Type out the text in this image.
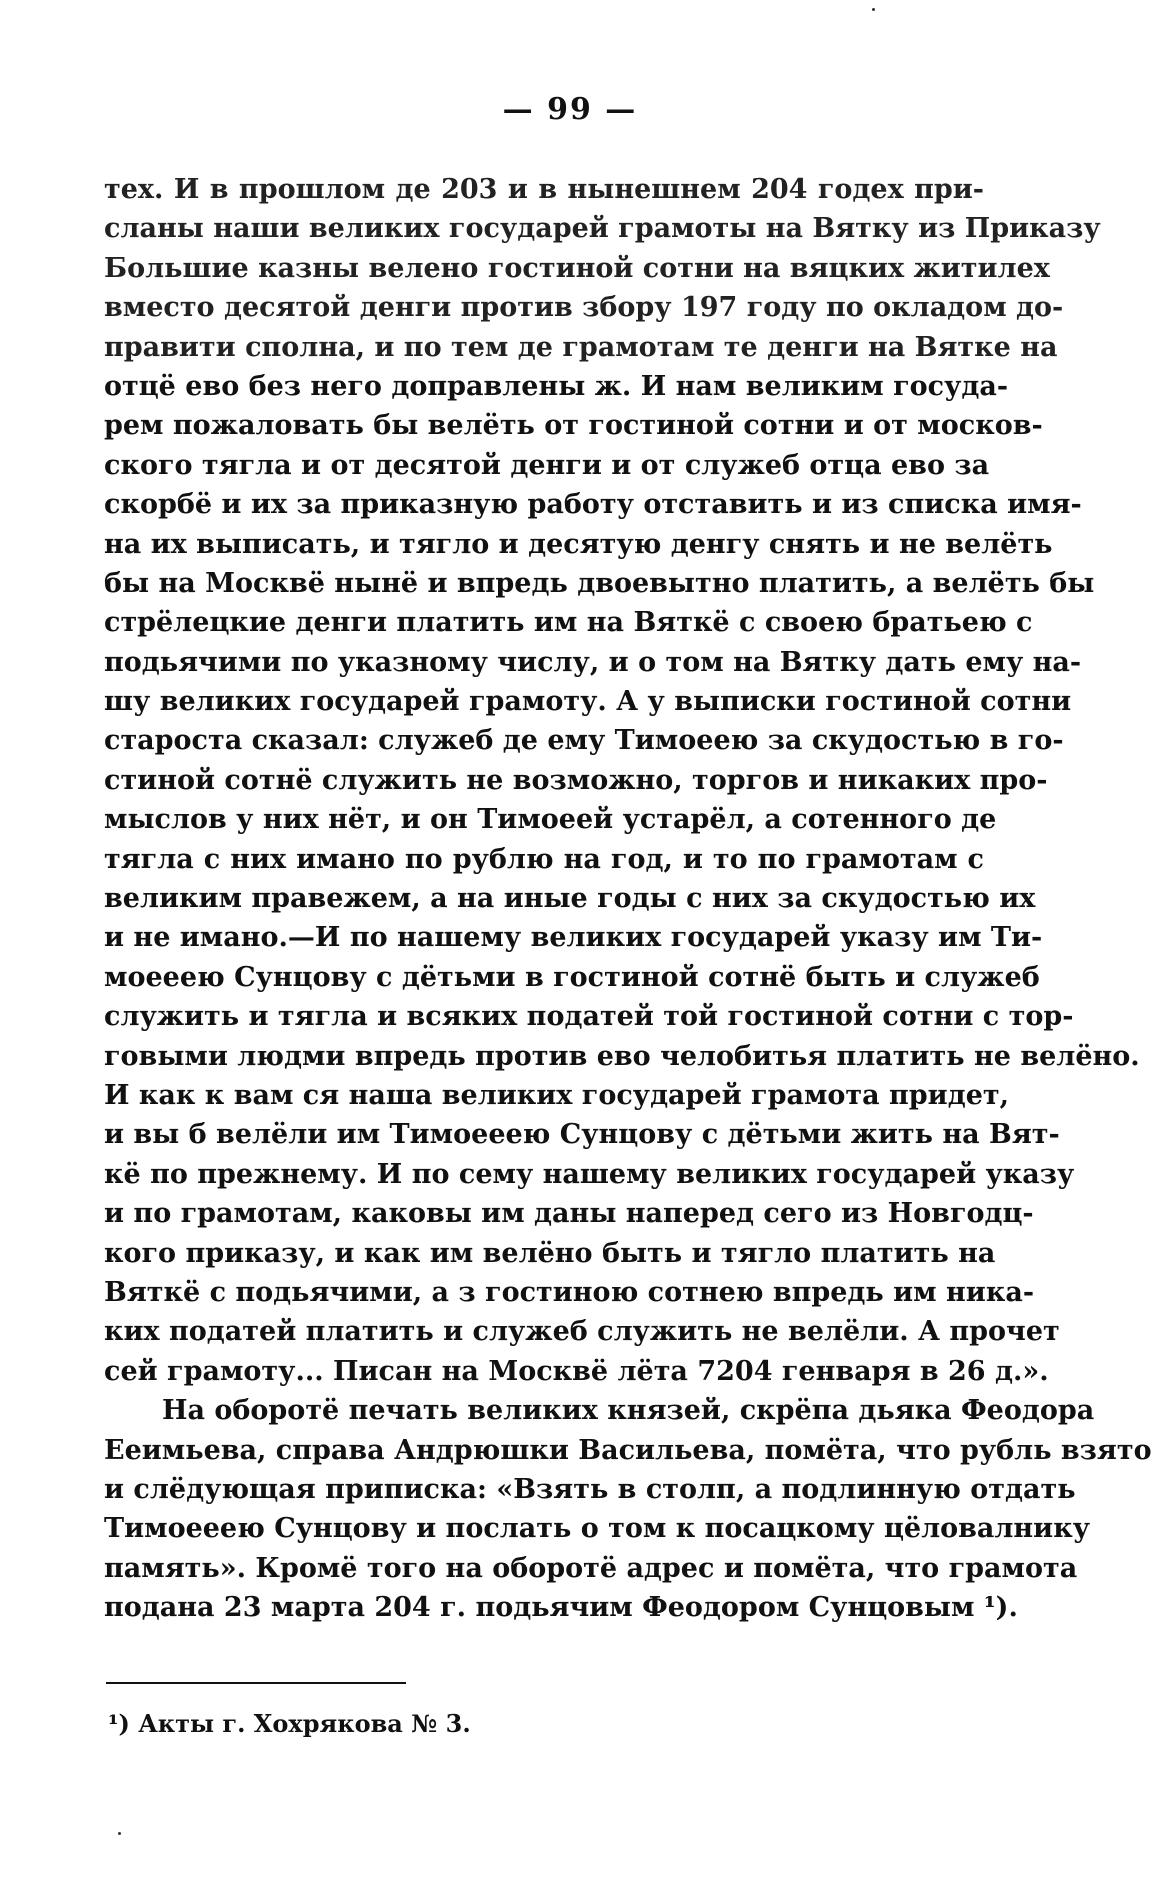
— 99 —
тех. И в прошлом де 203 и в нынешнем 204 годех при-
сланы наши великих государей грамоты на Вятку из Приказу
Большие казны велено гостиной сотни на вяцких житилех
вместо десятой денги против збору 197 году по окладом до-
правити сполна, и по тем де грамотам те денги на Вятке на
отцё ево без него доправлены ж. И нам великим госуда-
рем пожаловать бы велёть от гостиной сотни и от москов-
ского тягла и от десятой денги и от служеб отца ево за
скорбё и их за приказную работу отставить и из списка имя-
на их выписать, и тягло и десятую денгу снять и не велёть
бы на Москвё нынё и впредь двоевытно платить, а велёть бы
стрёлецкие денги платить им на Вяткё с своею братьею с
подьячими по указному числу, и о том на Вятку дать ему на-
шу великих государей грамоту. А у выписки гостиной сотни
староста сказал: служеб де ему Тимоеею за скудостью в го-
стиной сотнё служить не возможно, торгов и никаких про-
мыслов у них нёт, и он Тимоеей устарёл, а сотенного де
тягла с них имано по рублю на год, и то по грамотам с
великим правежем, а на иные годы с них за скудостью их
и не имано.—И по нашему великих государей указу им Ти-
моееею Сунцову с дётьми в гостиной сотнё быть и служеб
служить и тягла и всяких податей той гостиной сотни с тор-
говыми людми впредь против ево челобитья платить не велёно.
И как к вам ся наша великих государей грамота придет,
и вы б велёли им Тимоееею Сунцову с дётьми жить на Вят-
кё по прежнему. И по сему нашему великих государей указу
и по грамотам, каковы им даны наперед сего из Новгодц-
кого приказу, и как им велёно быть и тягло платить на
Вяткё с подьячими, а з гостиною сотнею впредь им никa-
ких податей платить и служеб служить не велёли. А прочет
сей грамоту... Писан на Москвё лёта 7204 генваря в 26 д.».
На оборотё печать великих князей, скрёпа дьяка Феодора
Ееимьева, справа Андрюшки Васильева, помёта, что рубль взято
и слёдующая приписка: «Взять в столп, а подлинную отдать
Тимоееею Сунцову и послать о том к посацкому цёловалнику
память». Кромё того на оборотё адрес и помёта, что грамота
подана 23 марта 204 г. подьячим Феодором Сунцовым ¹).
¹) Акты г. Хохрякова № 3.
